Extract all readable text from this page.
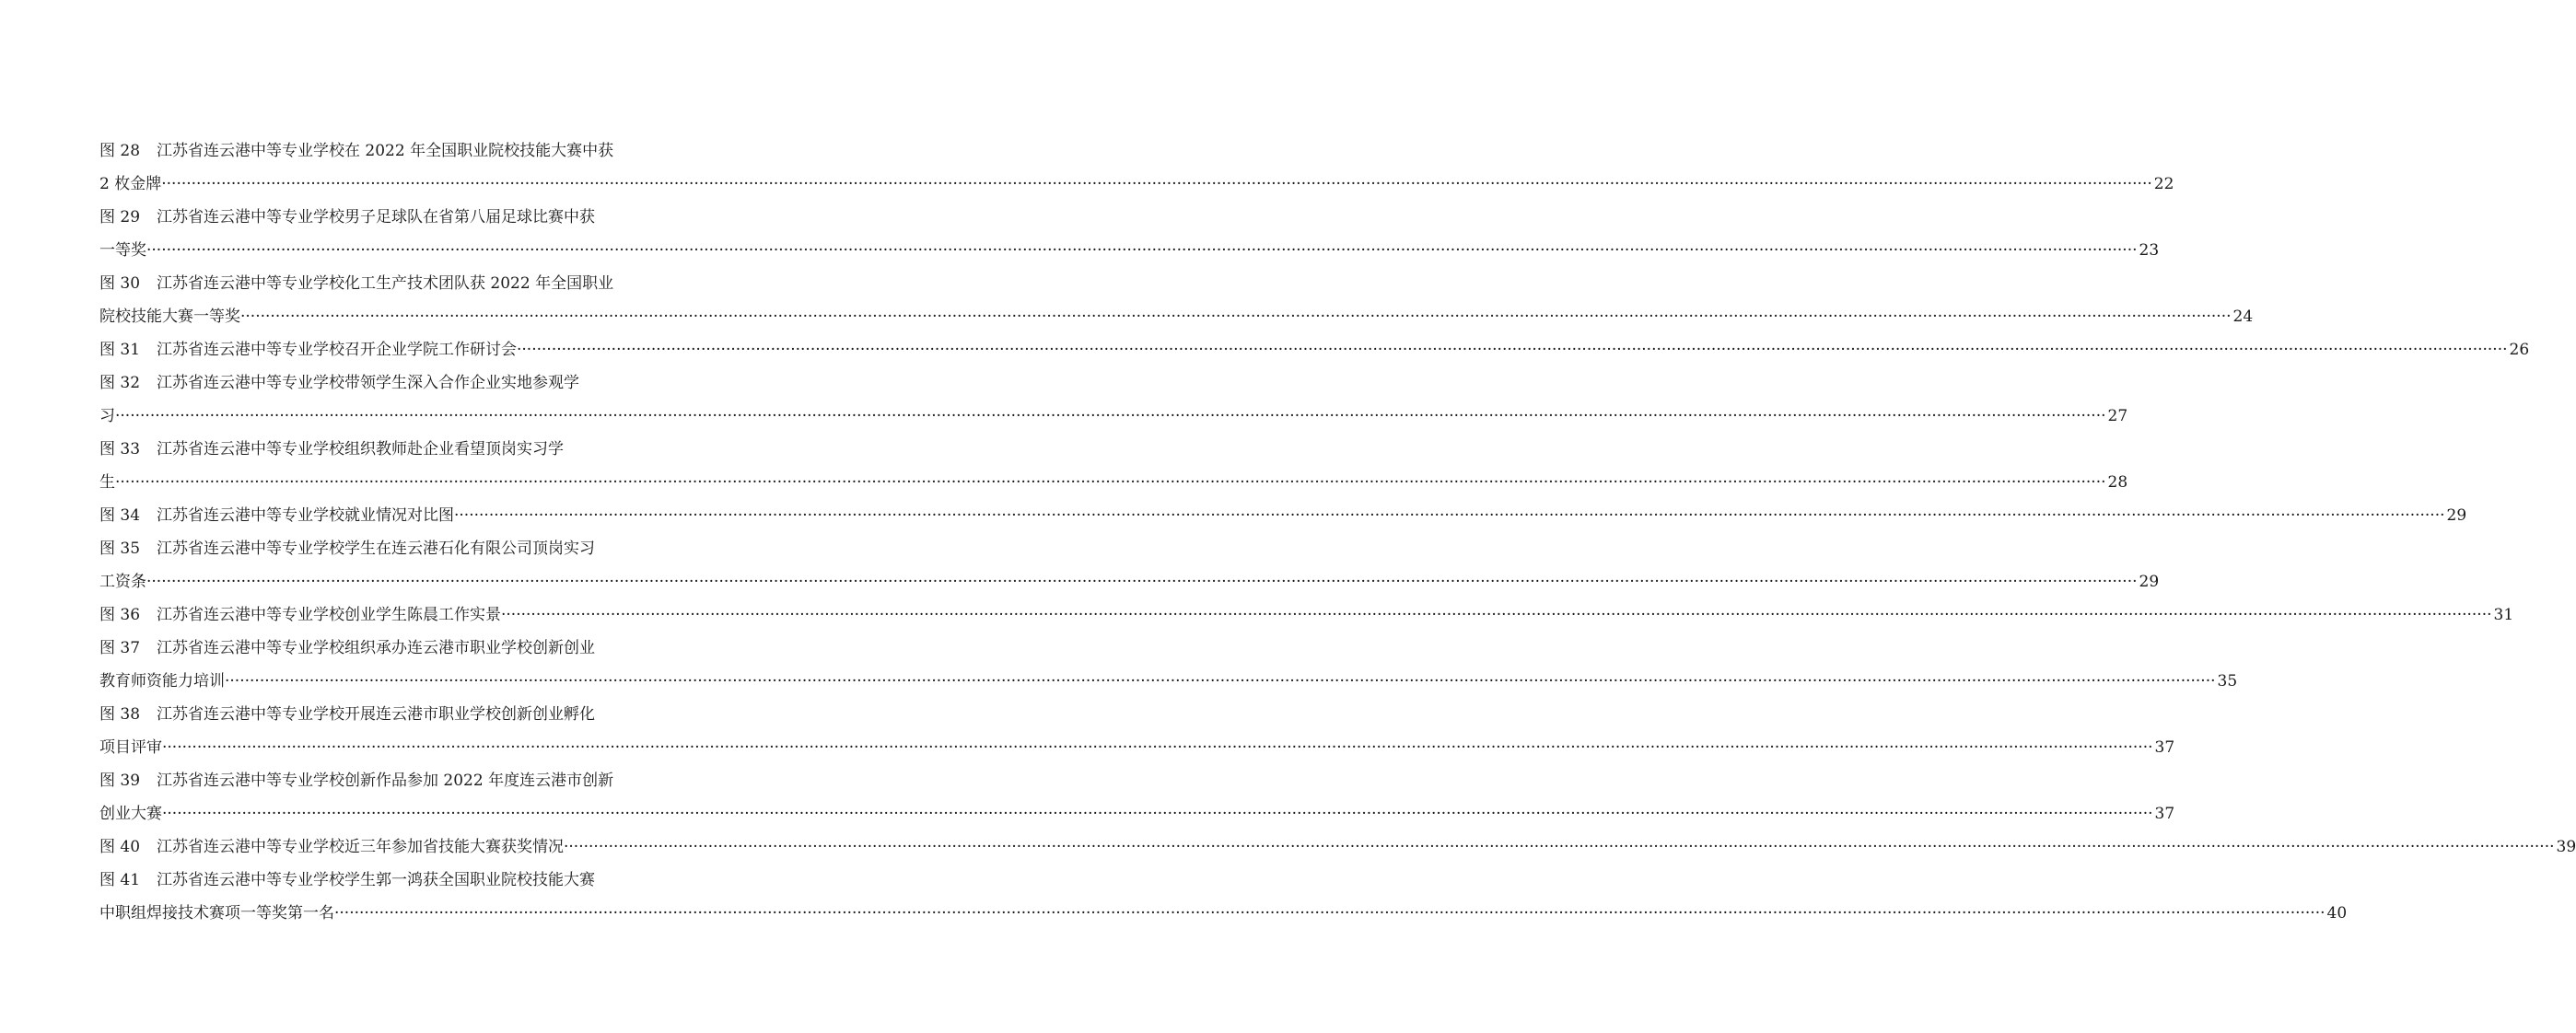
图 28 江苏省连云港中等专业学校在 2022 年全国职业院校技能大赛中获
2 枚金牌 ················································································································································································································································································································································································································ 22
图 29 江苏省连云港中等专业学校男子足球队在省第八届足球比赛中获
一等奖 ················································································································································································································································································································································································································ 23
图 30 江苏省连云港中等专业学校化工生产技术团队获 2022 年全国职业
院校技能大赛一等奖 ················································································································································································································································································································································································································ 24
图 31 江苏省连云港中等专业学校召开企业学院工作研讨会 ················································································································································································································································································································································································································ 26
图 32 江苏省连云港中等专业学校带领学生深入合作企业实地参观学
习 ················································································································································································································································································································································································································ 27
图 33 江苏省连云港中等专业学校组织教师赴企业看望顶岗实习学
生 ················································································································································································································································································································································································································ 28
图 34 江苏省连云港中等专业学校就业情况对比图 ················································································································································································································································································································································································································ 29
图 35 江苏省连云港中等专业学校学生在连云港石化有限公司顶岗实习
工资条 ················································································································································································································································································································································································································ 29
图 36 江苏省连云港中等专业学校创业学生陈晨工作实景 ················································································································································································································································································································································································································ 31
图 37 江苏省连云港中等专业学校组织承办连云港市职业学校创新创业
教育师资能力培训 ················································································································································································································································································································································································································ 35
图 38 江苏省连云港中等专业学校开展连云港市职业学校创新创业孵化
项目评审 ················································································································································································································································································································································································································ 37
图 39 江苏省连云港中等专业学校创新作品参加 2022 年度连云港市创新
创业大赛 ················································································································································································································································································································································································································ 37
图 40 江苏省连云港中等专业学校近三年参加省技能大赛获奖情况 ················································································································································································································································································································································································································ 39
图 41 江苏省连云港中等专业学校学生郭一鸿获全国职业院校技能大赛
中职组焊接技术赛项一等奖第一名 ················································································································································································································································································································································································································ 40
